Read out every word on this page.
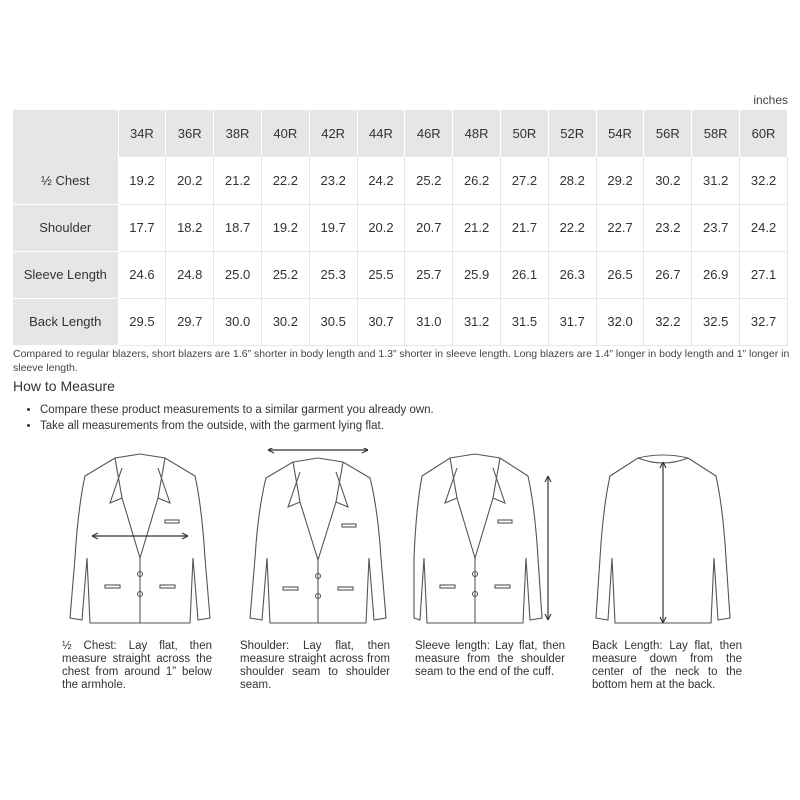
inches
	34R	36R	38R	40R	42R	44R	46R	48R	50R	52R	54R	56R	58R	60R
½ Chest	19.2	20.2	21.2	22.2	23.2	24.2	25.2	26.2	27.2	28.2	29.2	30.2	31.2	32.2
Shoulder	17.7	18.2	18.7	19.2	19.7	20.2	20.7	21.2	21.7	22.2	22.7	23.2	23.7	24.2
Sleeve Length	24.6	24.8	25.0	25.2	25.3	25.5	25.7	25.9	26.1	26.3	26.5	26.7	26.9	27.1
Back Length	29.5	29.7	30.0	30.2	30.5	30.7	31.0	31.2	31.5	31.7	32.0	32.2	32.5	32.7
Compared to regular blazers, short blazers are 1.6” shorter in body length and 1.3” shorter in sleeve length. Long blazers are 1.4” longer in body length and 1” longer in sleeve length.
How to Measure
• Compare these product measurements to a similar garment you already own.
• Take all measurements from the outside, with the garment lying flat.
½ Chest: Lay flat, then measure straight across the chest from around 1” below the armhole.
Shoulder: Lay flat, then measure straight across from shoulder seam to shoulder seam.
Sleeve length: Lay flat, then measure from the shoulder seam to the end of the cuff.
Back Length: Lay flat, then measure down from the center of the neck to the bottom hem at the back.
